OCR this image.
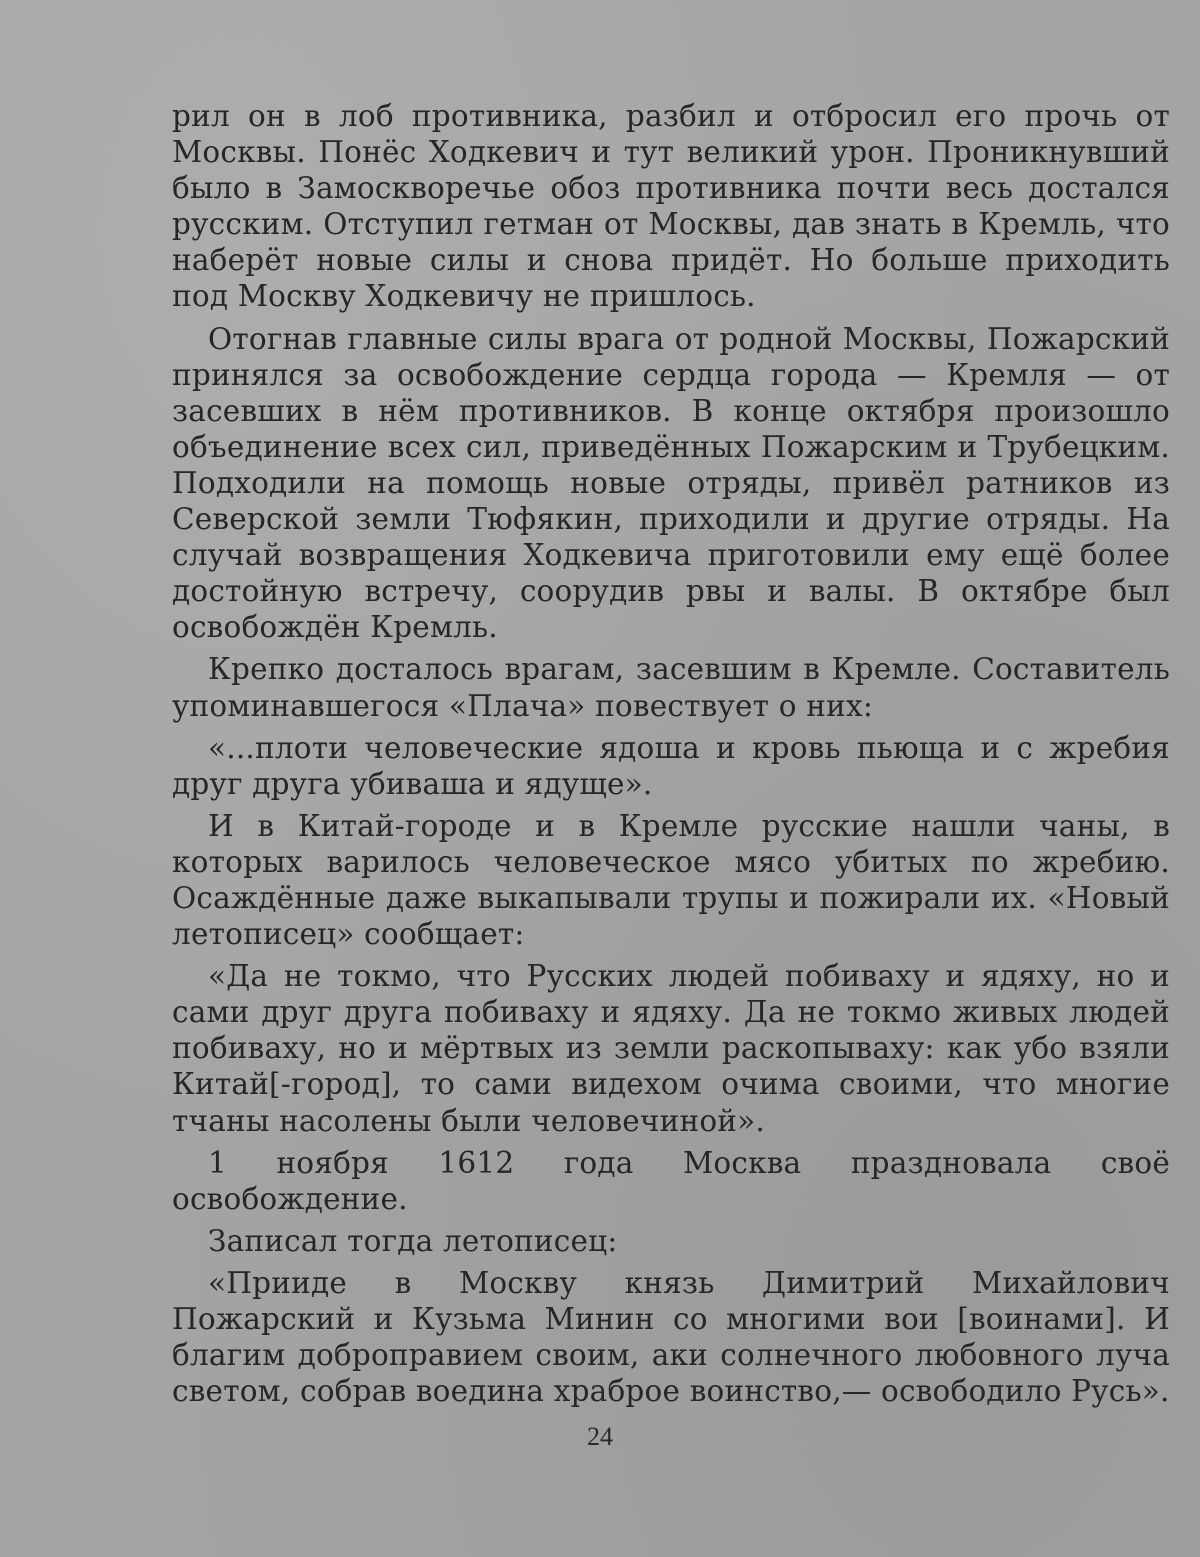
рил он в лоб противника, разбил и отбросил его прочь от Москвы. Понёс Ходкевич и тут великий урон. Проникнувший было в Замоскворечье обоз противника почти весь достался русским. Отступил гетман от Москвы, дав знать в Кремль, что наберёт новые силы и снова придёт. Но больше приходить под Москву Ходкевичу не пришлось.

Отогнав главные силы врага от родной Москвы, Пожарский принялся за освобождение сердца города — Кремля — от засевших в нём противников. В конце октября произошло объединение всех сил, приведённых Пожарским и Трубецким. Подходили на помощь новые отряды, привёл ратников из Северской земли Тюфякин, приходили и другие отряды. На случай возвращения Ходкевича приготовили ему ещё более достойную встречу, соорудив рвы и валы. В октябре был освобождён Кремль.

Крепко досталось врагам, засевшим в Кремле. Составитель упоминавшегося «Плача» повествует о них:

«...плоти человеческие ядоша и кровь пьюща и с жребия друг друга убиваша и ядуще».

И в Китай-городе и в Кремле русские нашли чаны, в которых варилось человеческое мясо убитых по жребию. Осаждённые даже выкапывали трупы и пожирали их. «Новый летописец» сообщает:

«Да не токмо, что Русских людей побиваху и ядяху, но и сами друг друга побиваху и ядяху. Да не токмо живых людей побиваху, но и мёртвых из земли раскопываху: как убо взяли Китай[-город], то сами видехом очима своими, что многие тчаны насолены были человечиной».

1 ноября 1612 года Москва праздновала своё освобождение.

Записал тогда летописец:

«Прииде в Москву князь Димитрий Михайлович Пожарский и Кузьма Минин со многими вои [воинами]. И благим доброправием своим, аки солнечного любовного луча светом, собрав воедина храброе воинство,— освободило Русь».

24
